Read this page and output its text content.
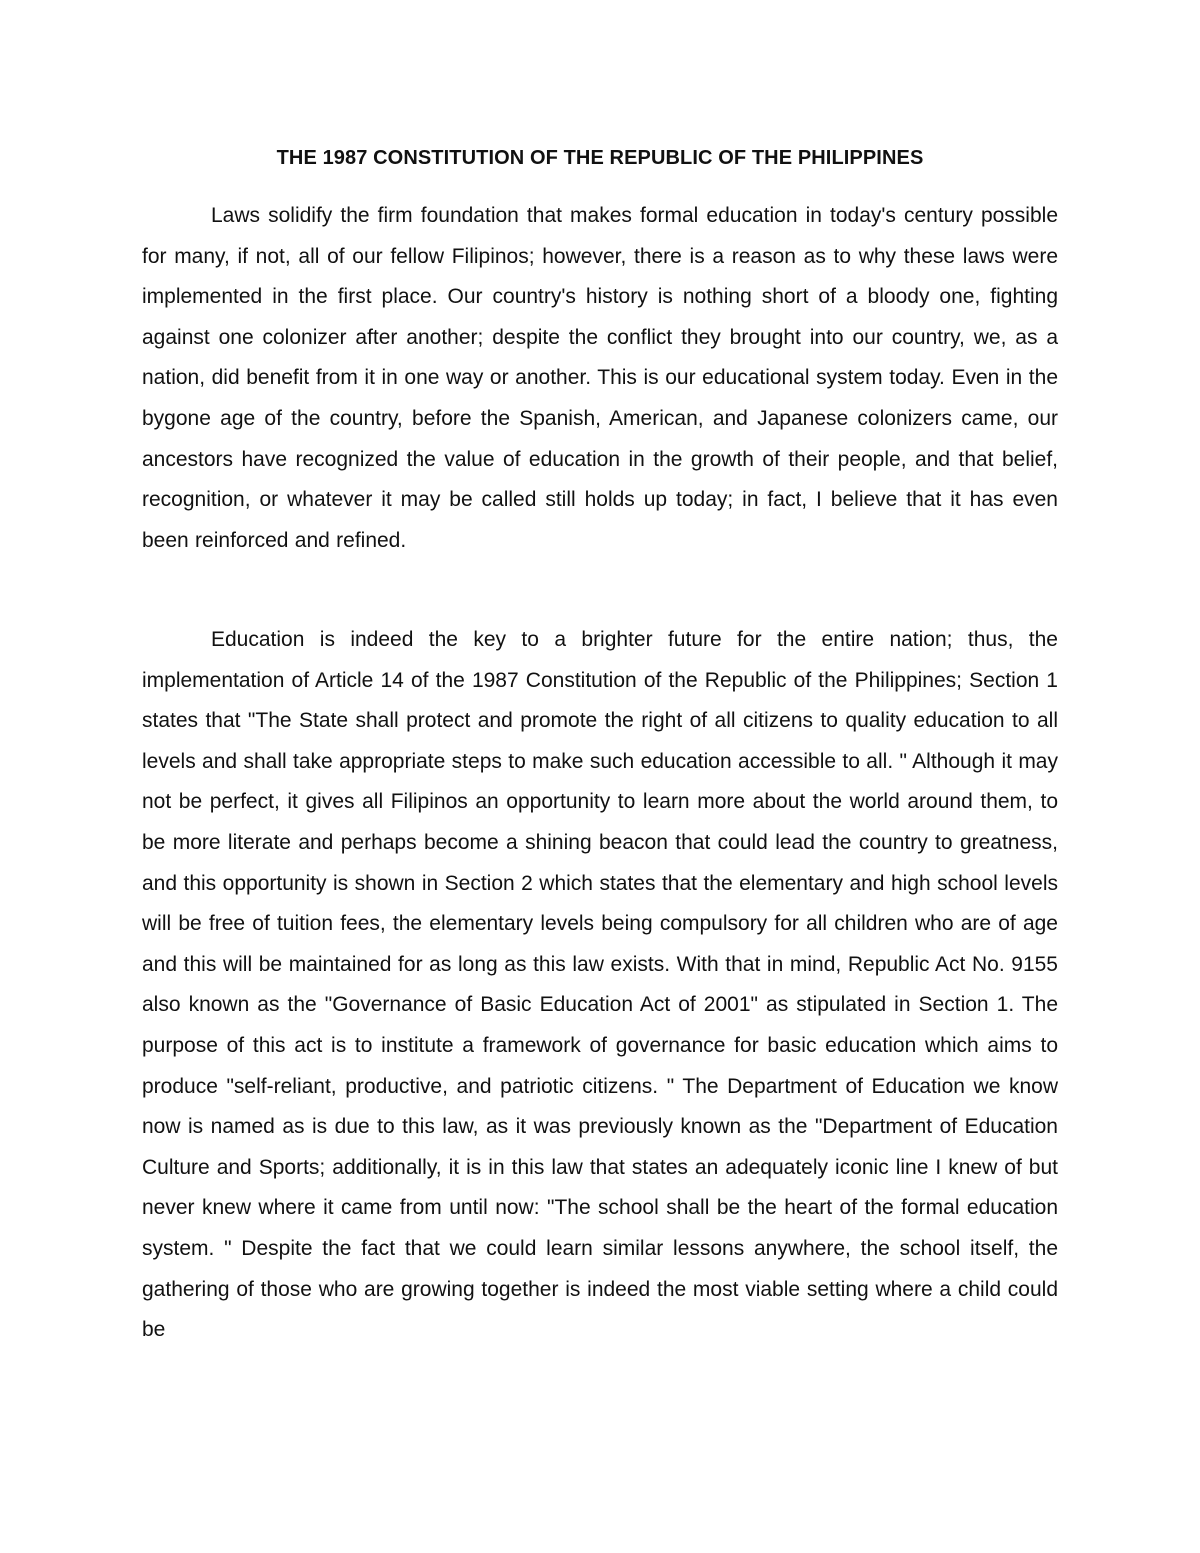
THE 1987 CONSTITUTION OF THE REPUBLIC OF THE PHILIPPINES

Laws solidify the firm foundation that makes formal education in today's century possible for many, if not, all of our fellow Filipinos; however, there is a reason as to why these laws were implemented in the first place. Our country's history is nothing short of a bloody one, fighting against one colonizer after another; despite the conflict they brought into our country, we, as a nation, did benefit from it in one way or another. This is our educational system today. Even in the bygone age of the country, before the Spanish, American, and Japanese colonizers came, our ancestors have recognized the value of education in the growth of their people, and that belief, recognition, or whatever it may be called still holds up today; in fact, I believe that it has even been reinforced and refined.

Education is indeed the key to a brighter future for the entire nation; thus, the implementation of Article 14 of the 1987 Constitution of the Republic of the Philippines; Section 1 states that "The State shall protect and promote the right of all citizens to quality education to all levels and shall take appropriate steps to make such education accessible to all. " Although it may not be perfect, it gives all Filipinos an opportunity to learn more about the world around them, to be more literate and perhaps become a shining beacon that could lead the country to greatness, and this opportunity is shown in Section 2 which states that the elementary and high school levels will be free of tuition fees, the elementary levels being compulsory for all children who are of age and this will be maintained for as long as this law exists. With that in mind, Republic Act No. 9155 also known as the "Governance of Basic Education Act of 2001" as stipulated in Section 1. The purpose of this act is to institute a framework of governance for basic education which aims to produce "self-reliant, productive, and patriotic citizens. " The Department of Education we know now is named as is due to this law, as it was previously known as the "Department of Education Culture and Sports; additionally, it is in this law that states an adequately iconic line I knew of but never knew where it came from until now: "The school shall be the heart of the formal education system. " Despite the fact that we could learn similar lessons anywhere, the school itself, the gathering of those who are growing together is indeed the most viable setting where a child could be
